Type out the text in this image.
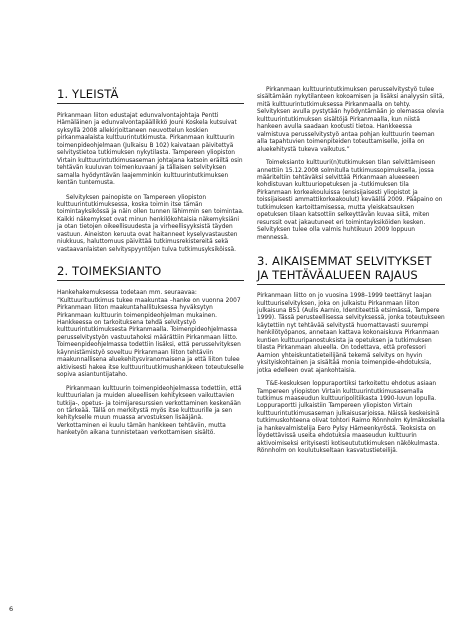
1. YLEISTÄ

Pirkanmaan liiton edustajat edunvalvontajohtaja Pentti Hämäläinen ja edunvalvontapäällikkö Jouni Koskela kutsuivat syksyllä 2008 allekirjoittaneen neuvottelun koskien pirkanmaalaista kulttuurintutkimusta. Pirkanmaan kulttuurin toimenpideohjelmaan (Julkaisu B 102) kaivataan päivitettyä selvitystietoa tutkimuksen nykytilasta. Tampereen yliopiston Virtain kulttuurintutkimusaseman johtajana katsoin eräiltä osin tehtävän kuuluvan toimenkuvaani ja tällaisen selvityksen samalla hyödyntävän laajemminkin kulttuurintutkimuksen kentän tuntemusta.

Selvityksen painopiste on Tampereen yliopiston kulttuurintutkimuksessa, koska toimin itse tämän toimintayksikössä ja näin ollen tunnen lähimmin sen toimintaa. Kaikki näkemykset ovat minun henkilökohtaisia näkemyksiäni ja otan tietojen oikeellisuudesta ja virheellisyyksistä täyden vastuun. Aineiston keruuta ovat haitanneet kyselyvastausten niukkuus, haluttomuus päivittää tutkimusrekistereitä sekä vastaavanlaisten selvityspyyntöjen tulva tutkimusyksiköissä.

2. TOIMEKSIANTO

Hankehakemuksessa todetaan mm. seuraavaa: ”Kulttuurituutkimus tukee maakuntaa –hanke on vuonna 2007 Pirkanmaan liiton maakuntahallituksessa hyväksytyn Pirkanmaan kulttuurin toimenpideohjelman mukainen. Hankkeessa on tarkoituksena tehdä selvitystyö kulttuurintutkimuksesta Pirkanmaalla. Toimenpideohjelmassa perusselvitystyön vastuutahoksi määrättiin Pirkanmaan liitto. Toimeenpideohjelmassa todettiin lisäksi, että perusselvityksen käynnistämistyö soveltuu Pirkanmaan liiton tehtäviin maakunnallisena aluekehitysviranomaisena ja että liiton tulee aktivisesti hakea itse kulttuurituutkimushankkeen toteutukselle sopiva asiantuntijataho.

Pirkanmaan kulttuurin toimenpideohjelmassa todettiin, että kulttuurialan ja muiden alueellisen kehitykseen vaikuttavien tutkija-, opetus- ja toimijaresurssien verkottaminen keskenään on tärkeää. Tällä on merkitystä myös itse kulttuurille ja sen kehitykselle muun muassa arvostuksen lisääjänä. Verkottaminen ei kuulu tämän hankkeen tehtäviin, mutta hanketyön aikana tunnistetaan verkottamisen sisältö.

Pirkanmaan kulttuurintutkimuksen perusselvitystyö tulee sisältämään nykytilanteen kokoamisen ja lisäksi analyysin siitä, mitä kulttuurintutkimuksessa Pirkanmaalla on tehty. Selvityksen avulla pystytään hyödyntämään jo olemassa olevia kulttuurintutkimuksen sisältöjä Pirkanmaalla, kun niistä hankeen avulla saadaan kootusti tietoa. Hankkeessa valmistuva perusselvitystyö antaa pohjan kulttuurin teeman alla tapahtuvien toimenpiteiden toteuttamiselle, joilla on aluekehitystä tukeva vaikutus.”

Toimeksianto kulttuuri(n)tutkimuksen tilan selvittämiseen annettiin 15.12.2008 solmitulla tutkimussopimuksella, jossa määriteltiin tehtäväksi selvittää Pirkanmaan alueeseen kohdistuvan kulttuuriopetuksen ja -tutkimuksen tila Pirkanmaan korkeakouluissa (ensisijaisesti yliopistot ja toissijaisesti ammattikorkeakoulut) keväällä 2009. Pääpaino on tutkimuksen kartoittamisessa, mutta yleiskatsauksen opetuksen tilaan katsottiin selkeyttävän kuvaa siitä, miten resurssit ovat jakautuneet eri toimintayksiköiden kesken. Selvityksen tulee olla valmis huhtikuun 2009 loppuun mennessä.

3. AIKAISEMMAT SELVITYKSET JA TEHTÄVÄALUEEN RAJAUS

Pirkanmaan liitto on jo vuosina 1998–1999 teettänyt laajan kulttuuriselvityksen, joka on julkaistu Pirkanmaan liiton julkaisuna B51 (Aulis Aarnio, Identiteettiä etsimässä, Tampere 1999). Tässä perusteellisessa selvityksessä, jonka toteutukseen käytettiin nyt tehtävää selvitystä huomattavasti suurempi henkilötyöpanos, annetaan kattava kokonaiskuva Pirkanmaan kuntien kulttuuripanostuksista ja opetuksen ja tutkimuksen tilasta Pirkanmaan alueella. On todettava, että professori Aarnion yhteiskuntatieteilijänä tekemä selvitys on hyvin yksityiskohtainen ja sisältää monia toimenpide-ehdotuksia, jotka edelleen ovat ajankohtaisia.

T&E-keskuksen loppuraportiksi tarkoitettu ehdotus asiaan Tampereen yliopiston Virtain kulttuurintutkimusasemalla tutkimus maaseudun kulttuuripolitiikasta 1990-luvun lopulla. Loppuraportti julkaistiin Tampereen yliopiston Virtain kulttuurintutkimusaseman julkaisusarjoissa. Näissä keskeisinä tutkimuskohteena olivat tohtori Raimo Rönnholm Kylmäkoskella ja hankevalmistelija Eero Pylsy Hämeenkyröstä. Teoksista on löydettävissä useita ehdotuksia maaseudun kulttuurin aktivoimiseksi erityisesti kotiseutututkimuksen näkökulmasta. Rönnholm on koulutukseltaan kasvatustieteilijä.

6
